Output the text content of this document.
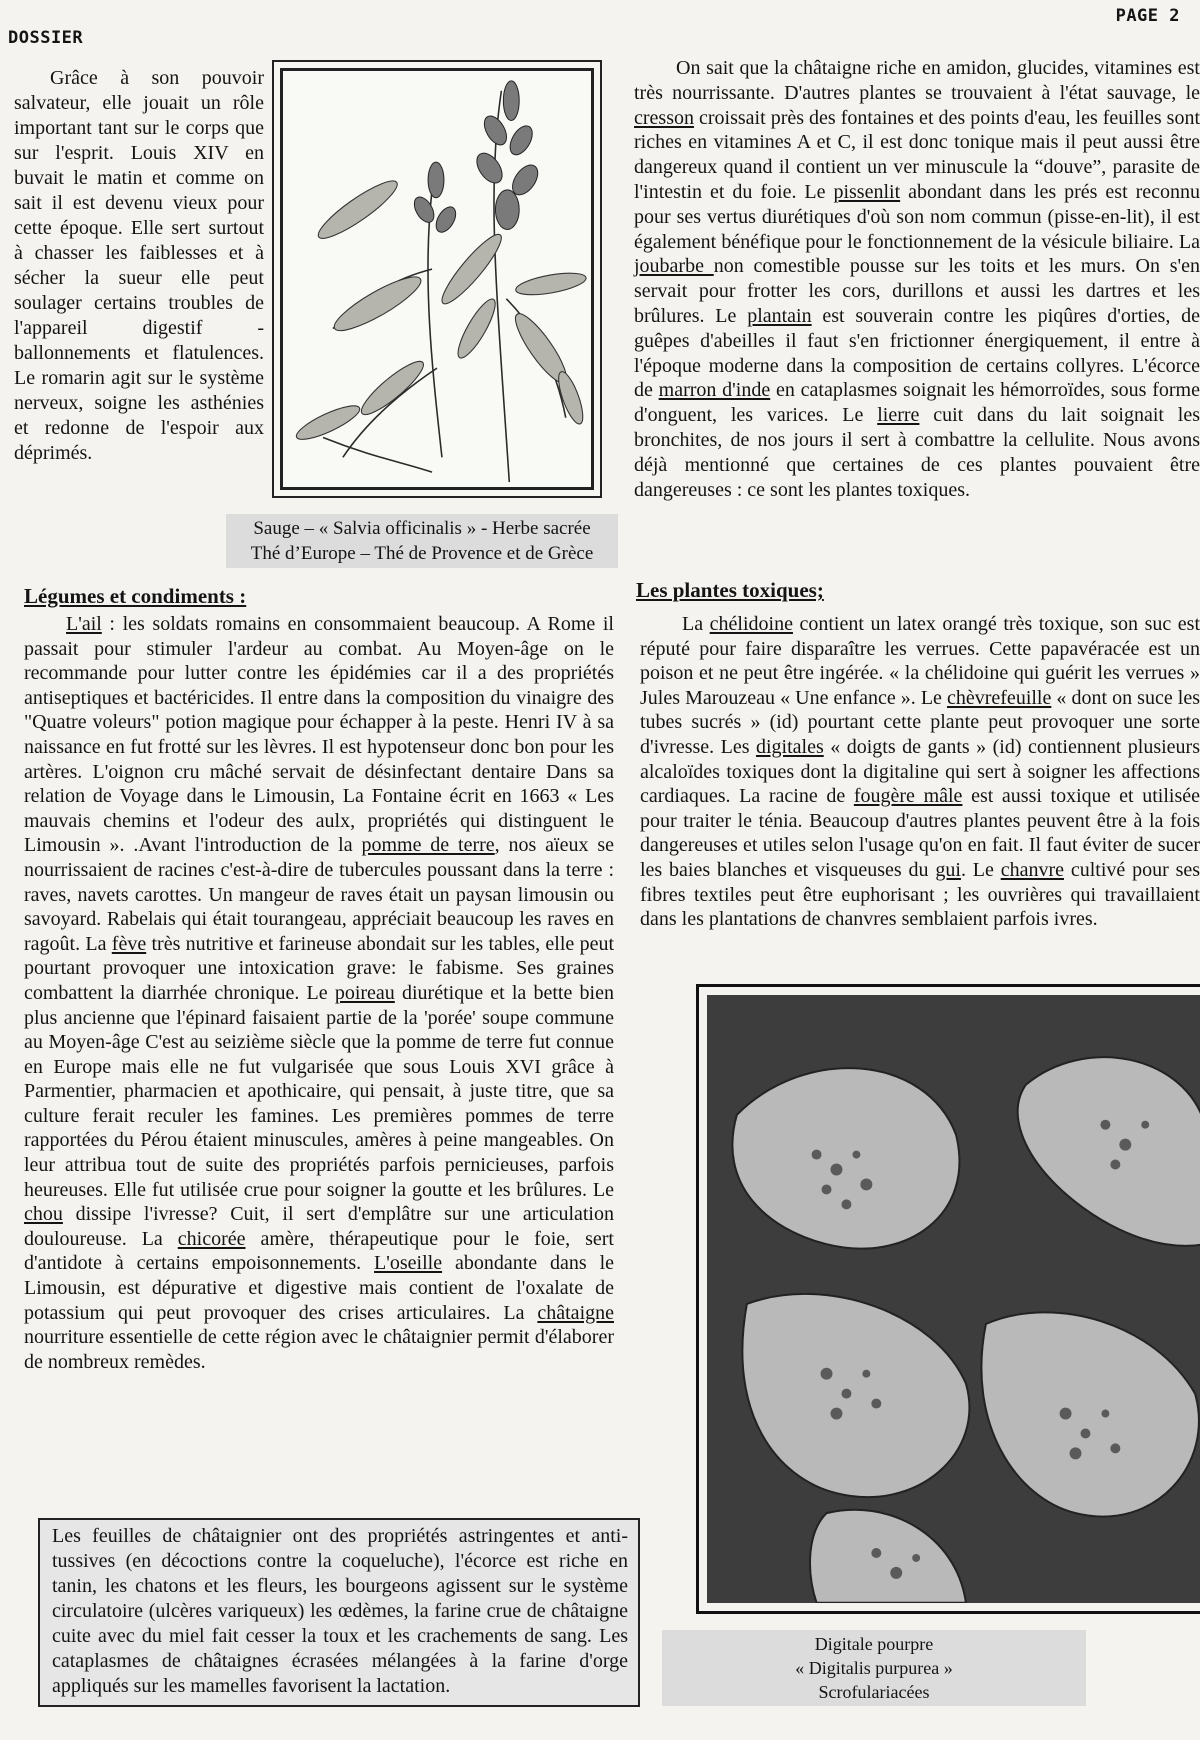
DOSSIER
PAGE 2

Grâce à son pouvoir salvateur, elle jouait un rôle important tant sur le corps que sur l'esprit. Louis XIV en buvait le matin et comme on sait il est devenu vieux pour cette époque. Elle sert surtout à chasser les faiblesses et à sécher la sueur elle peut soulager certains troubles de l'appareil digestif - ballonnements et flatulences. Le romarin agit sur le système nerveux, soigne les asthénies et redonne de l'espoir aux déprimés.

Sauge – « Salvia officinalis » - Herbe sacrée
Thé d’Europe – Thé de Provence et de Grèce
Légumes et condiments :

L'ail : les soldats romains en consommaient beaucoup. A Rome il passait pour stimuler l'ardeur au combat. Au Moyen-âge on le recommande pour lutter contre les épidémies car il a des propriétés antiseptiques et bactéricides. Il entre dans la composition du vinaigre des "Quatre voleurs" potion magique pour échapper à la peste. Henri IV à sa naissance en fut frotté sur les lèvres. Il est hypotenseur donc bon pour les artères. L'oignon cru mâché servait de désinfectant dentaire Dans sa relation de Voyage dans le Limousin, La Fontaine écrit en 1663 « Les mauvais chemins et l'odeur des aulx, propriétés qui distinguent le Limousin ». .Avant l'introduction de la pomme de terre, nos aïeux se nourrissaient de racines c'est-à-dire de tubercules poussant dans la terre : raves, navets carottes. Un mangeur de raves était un paysan limousin ou savoyard. Rabelais qui était tourangeau, appréciait beaucoup les raves en ragoût. La fève très nutritive et farineuse abondait sur les tables, elle peut pourtant provoquer une intoxication grave: le fabisme. Ses graines combattent la diarrhée chronique. Le poireau diurétique et la bette bien plus ancienne que l'épinard faisaient partie de la 'porée' soupe commune au Moyen-âge C'est au seizième siècle que la pomme de terre fut connue en Europe mais elle ne fut vulgarisée que sous Louis XVI grâce à Parmentier, pharmacien et apothicaire, qui pensait, à juste titre, que sa culture ferait reculer les famines. Les premières pommes de terre rapportées du Pérou étaient minuscules, amères à peine mangeables. On leur attribua tout de suite des propriétés parfois pernicieuses, parfois heureuses. Elle fut utilisée crue pour soigner la goutte et les brûlures. Le chou dissipe l'ivresse? Cuit, il sert d'emplâtre sur une articulation douloureuse. La chicorée amère, thérapeutique pour le foie, sert d'antidote à certains empoisonnements. L'oseille abondante dans le Limousin, est dépurative et digestive mais contient de l'oxalate de potassium qui peut provoquer des crises articulaires. La châtaigne nourriture essentielle de cette région avec le châtaignier permit d'élaborer de nombreux remèdes.

Les feuilles de châtaignier ont des propriétés astringentes et anti- tussives (en décoctions contre la coqueluche), l'écorce est riche en tanin, les chatons et les fleurs, les bourgeons agissent sur le système circulatoire (ulcères variqueux) les œdèmes, la farine crue de châtaigne cuite avec du miel fait cesser la toux et les crachements de sang. Les cataplasmes de châtaignes écrasées mélangées à la farine d'orge appliqués sur les mamelles favorisent la lactation.

On sait que la châtaigne riche en amidon, glucides, vitamines est très nourrissante. D'autres plantes se trouvaient à l'état sauvage, le cresson croissait près des fontaines et des points d'eau, les feuilles sont riches en vitamines A et C, il est donc tonique mais il peut aussi être dangereux quand il contient un ver minuscule la “douve”, parasite de l'intestin et du foie. Le pissenlit abondant dans les prés est reconnu pour ses vertus diurétiques d'où son nom commun (pisse-en-lit), il est également bénéfique pour le fonctionnement de la vésicule biliaire. La joubarbe non comestible pousse sur les toits et les murs. On s'en servait pour frotter les cors, durillons et aussi les dartres et les brûlures. Le plantain est souverain contre les piqûres d'orties, de guêpes d'abeilles il faut s'en frictionner énergiquement, il entre à l'époque moderne dans la composition de certains collyres. L'écorce de marron d'inde en cataplasmes soignait les hémorroïdes, sous forme d'onguent, les varices. Le lierre cuit dans du lait soignait les bronchites, de nos jours il sert à combattre la cellulite. Nous avons déjà mentionné que certaines de ces plantes pouvaient être dangereuses : ce sont les plantes toxiques.

Les plantes toxiques;

La chélidoine contient un latex orangé très toxique, son suc est réputé pour faire disparaître les verrues. Cette papavéracée est un poison et ne peut être ingérée. « la chélidoine qui guérit les verrues » Jules Marouzeau « Une enfance ». Le chèvrefeuille « dont on suce les tubes sucrés » (id) pourtant cette plante peut provoquer une sorte d'ivresse. Les digitales « doigts de gants » (id) contiennent plusieurs alcaloïdes toxiques dont la digitaline qui sert à soigner les affections cardiaques. La racine de fougère mâle est aussi toxique et utilisée pour traiter le ténia. Beaucoup d'autres plantes peuvent être à la fois dangereuses et utiles selon l'usage qu'on en fait. Il faut éviter de sucer les baies blanches et visqueuses du gui. Le chanvre cultivé pour ses fibres textiles peut être euphorisant ; les ouvrières qui travaillaient dans les plantations de chanvres semblaient parfois ivres.

Digitale pourpre
« Digitalis purpurea »
Scrofulariacées
